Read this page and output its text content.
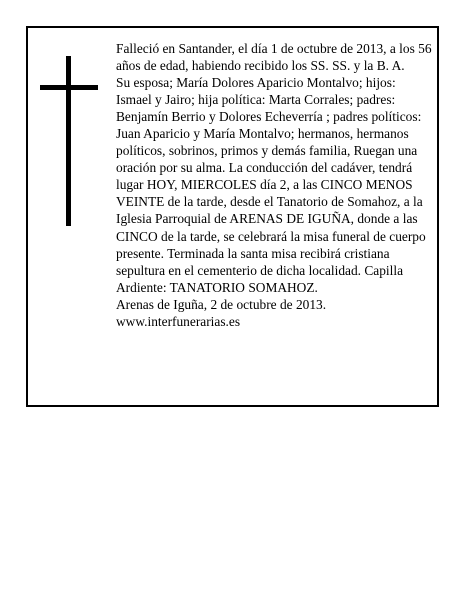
Falleció en Santander, el día 1 de octubre de 2013, a los 56 años de edad, habiendo recibido los SS. SS. y la B. A.

Su esposa; María Dolores Aparicio Montalvo; hijos: Ismael y Jairo; hija política: Marta Corrales; padres: Benjamín Berrio y Dolores Echeverría ; padres políticos: Juan Aparicio y María Montalvo; hermanos, hermanos políticos, sobrinos, primos y demás familia, Ruegan una oración por su alma. La conducción del cadáver, tendrá lugar HOY, MIERCOLES día 2, a las CINCO MENOS VEINTE de la tarde, desde el Tanatorio de Somahoz, a la Iglesia Parroquial de ARENAS DE IGUÑA, donde a las CINCO de la tarde, se celebrará la misa funeral de cuerpo presente. Terminada la santa misa recibirá cristiana sepultura en el cementerio de dicha localidad. Capilla Ardiente: TANATORIO SOMAHOZ.

Arenas de Iguña, 2 de octubre de 2013.

www.interfunerarias.es
